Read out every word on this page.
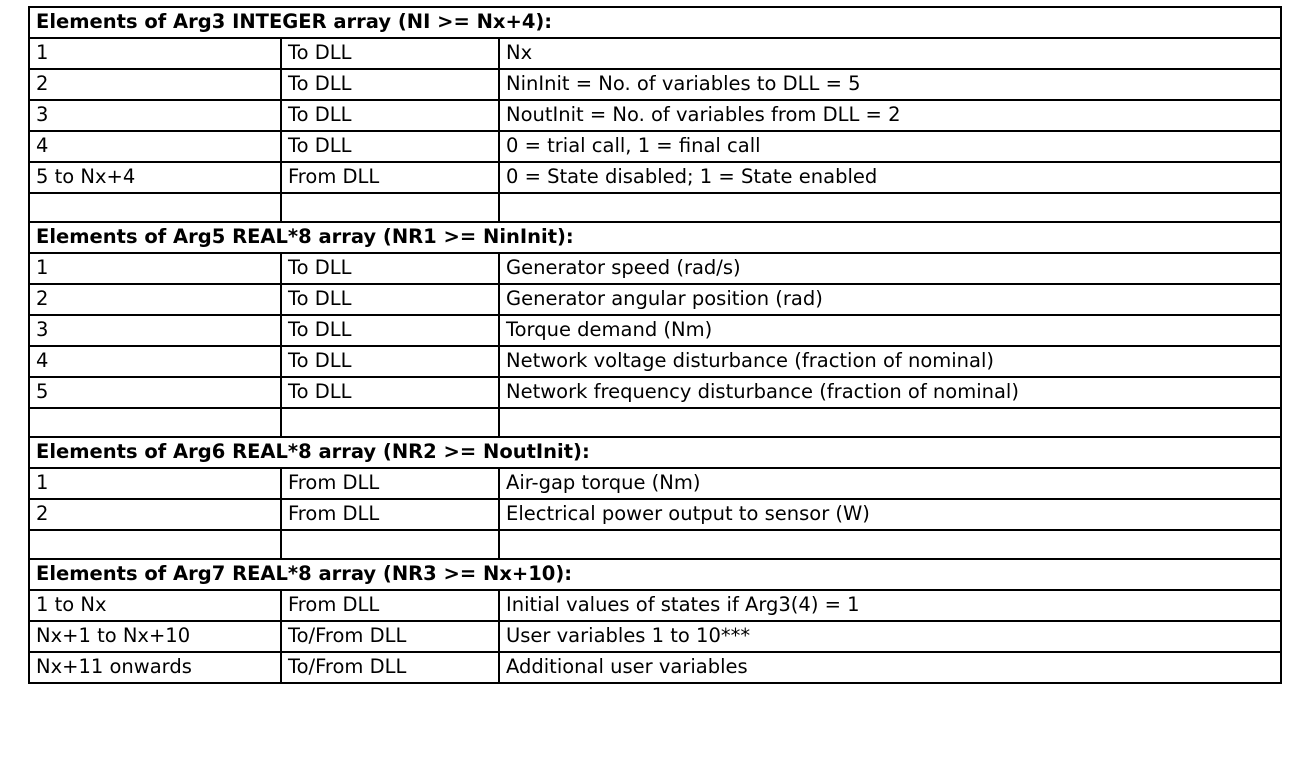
Elements of Arg3 INTEGER array (NI >= Nx+4):		
1	To DLL	Nx
2	To DLL	NinInit = No. of variables to DLL = 5
3	To DLL	NoutInit = No. of variables from DLL = 2
4	To DLL	0 = trial call, 1 = final call
5 to Nx+4	From DLL	0 = State disabled; 1 = State enabled

Elements of Arg5 REAL*8 array (NR1 >= NinInit):		
1	To DLL	Generator speed (rad/s)
2	To DLL	Generator angular position (rad)
3	To DLL	Torque demand (Nm)
4	To DLL	Network voltage disturbance (fraction of nominal)
5	To DLL	Network frequency disturbance (fraction of nominal)

Elements of Arg6 REAL*8 array (NR2 >= NoutInit):		
1	From DLL	Air-gap torque (Nm)
2	From DLL	Electrical power output to sensor (W)

Elements of Arg7 REAL*8 array (NR3 >= Nx+10):		
1 to Nx	From DLL	Initial values of states if Arg3(4) = 1
Nx+1 to Nx+10	To/From DLL	User variables 1 to 10***
Nx+11 onwards	To/From DLL	Additional user variables
